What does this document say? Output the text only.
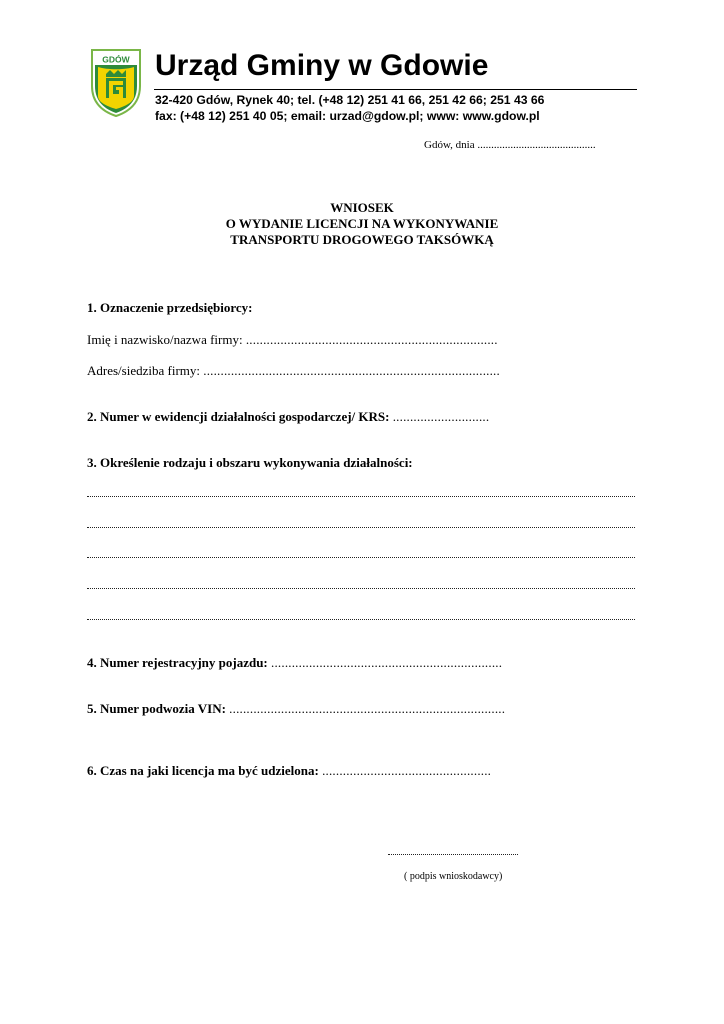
GDÓW Urząd Gminy w Gdowie
32-420 Gdów, Rynek 40; tel. (+48 12) 251 41 66, 251 42 66; 251 43 66
fax: (+48 12) 251 40 05; email: urzad@gdow.pl; www: www.gdow.pl
Gdów, dnia ...........................................
WNIOSEK
O WYDANIE LICENCJI NA WYKONYWANIE
TRANSPORTU DROGOWEGO TAKSÓWKĄ
1. Oznaczenie przedsiębiorcy:
Imię i nazwisko/nazwa firmy: .........................................................................
Adres/siedziba firmy: ......................................................................................
2. Numer w ewidencji działalności gospodarczej/ KRS: ............................
3. Określenie rodzaju i obszaru wykonywania działalności:
4. Numer rejestracyjny pojazdu: ...................................................................
5. Numer podwozia VIN: ................................................................................
6. Czas na jaki licencja ma być udzielona: .................................................
( podpis wnioskodawcy)
